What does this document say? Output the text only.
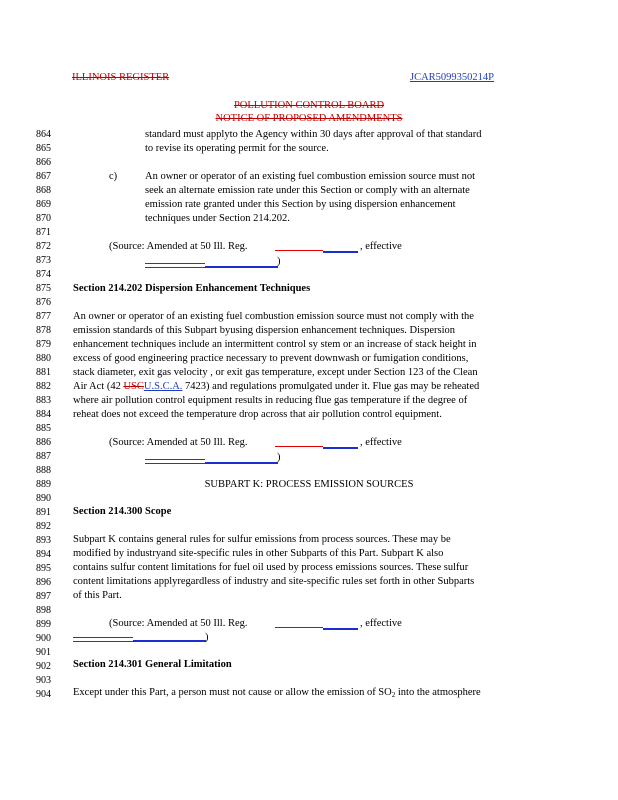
ILLINOIS REGISTER	JCAR5099350214P
POLLUTION CONTROL BOARD
NOTICE OF PROPOSED AMENDMENTS
864
865
866
867
868
869
870
871
872
873
874
875
876
877
878
879
880
881
882
883
884
885
886
887
888
889
890
891
892
893
894
895
896
897
898
899
900
901
902
903
904
standard must applyto the Agency within 30 days after approval of that standard
to revise its operating permit for the source.
c)	An owner or operator of an existing fuel combustion emission source must not
seek an alternate emission rate under this Section or comply with an alternate
emission rate granted under this Section by using dispersion enhancement
techniques under Section 214.202.
(Source: Amended at 50 Ill. Reg.	, effective
)
Section 214.202 Dispersion Enhancement Techniques
An owner or operator of an existing fuel combustion emission source must not comply with the
emission standards of this Subpart byusing dispersion enhancement techniques. Dispersion
enhancement techniques include an intermittent control sy stem or an increase of stack height in
excess of good engineering practice necessary to prevent downwash or fumigation conditions,
stack diameter, exit gas velocity , or exit gas temperature, except under Section 123 of the Clean
Air Act (42 USCU.S.C.A. 7423) and regulations promulgated under it. Flue gas may be reheated
where air pollution control equipment results in reducing flue gas temperature if the degree of
reheat does not exceed the temperature drop across that air pollution control equipment.
(Source: Amended at 50 Ill. Reg.	, effective
)
SUBPART K: PROCESS EMISSION SOURCES
Section 214.300 Scope
Subpart K contains general rules for sulfur emissions from process sources. These may be
modified by industryand site-specific rules in other Subparts of this Part. Subpart K also
contains sulfur content limitations for fuel oil used by process emissions sources. These sulfur
content limitations applyregardless of industry and site-specific rules set forth in other Subparts
of this Part.
(Source: Amended at 50 Ill. Reg.	, effective
)
Section 214.301 General Limitation
Except under this Part, a person must not cause or allow the emission of SO2 into the atmosphere
